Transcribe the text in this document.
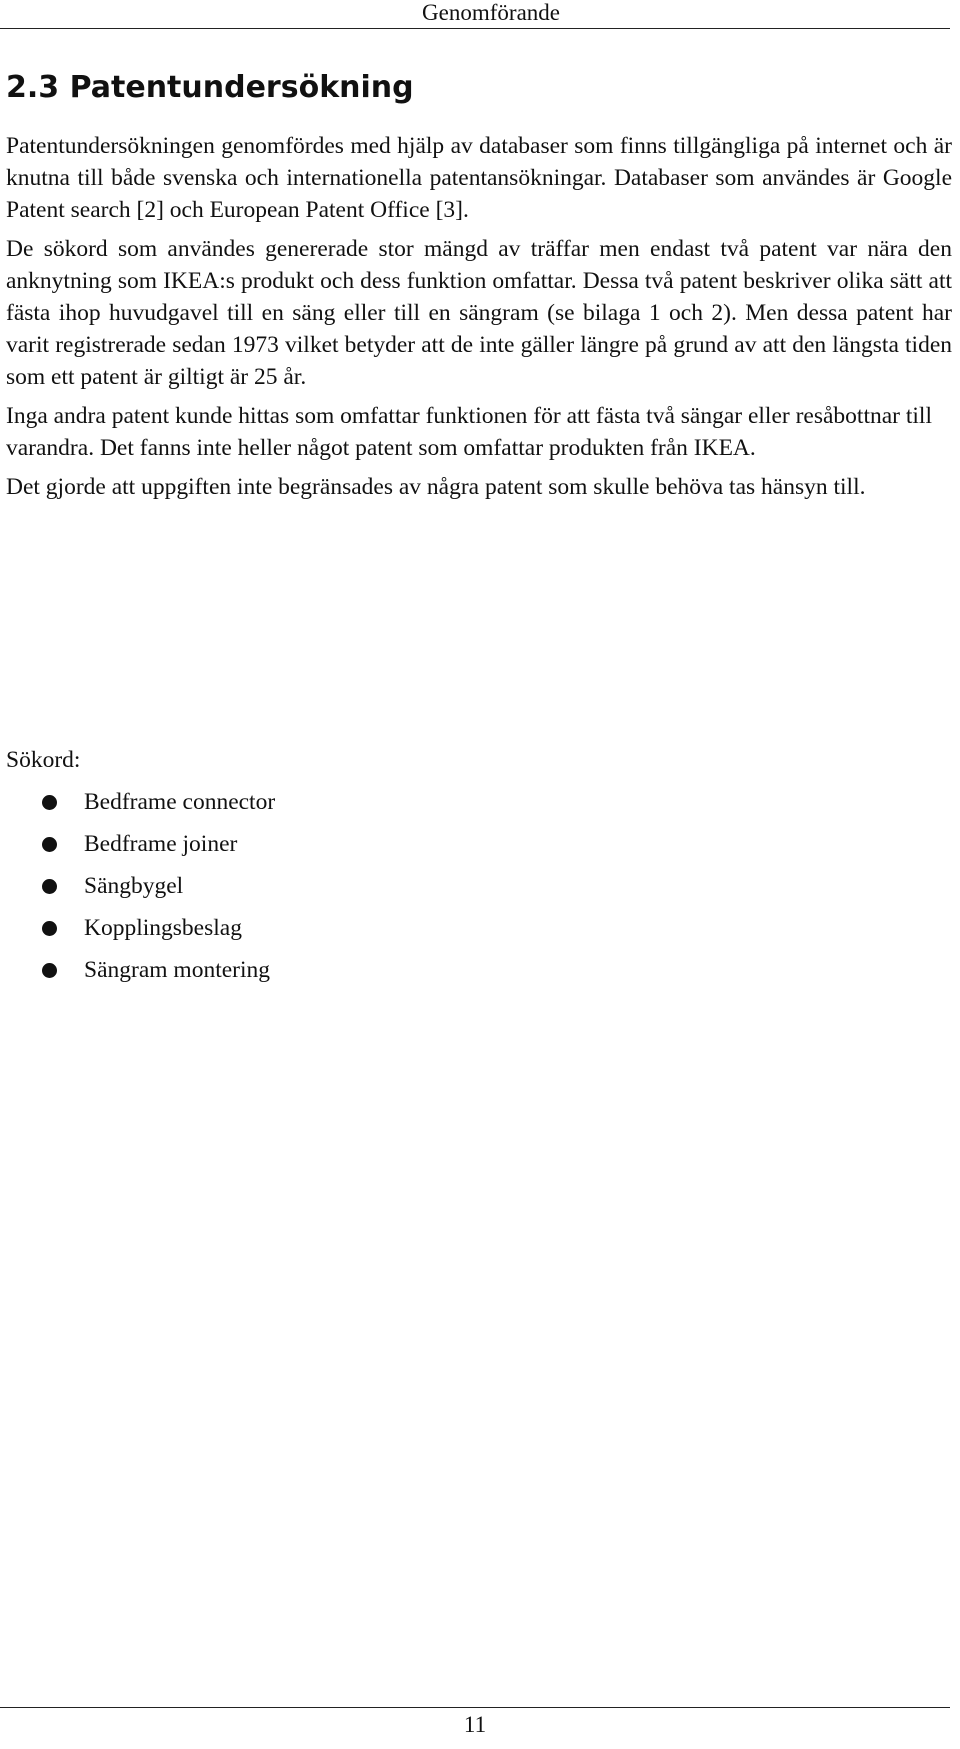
Genomförande
2.3 Patentundersökning

Patentundersökningen genomfördes med hjälp av databaser som finns tillgängliga på internet och är knutna till både svenska och internationella patentansökningar. Databaser som användes är Google Patent search [2] och European Patent Office [3].

De sökord som användes genererade stor mängd av träffar men endast två patent var nära den anknytning som IKEA:s produkt och dess funktion omfattar. Dessa två patent beskriver olika sätt att fästa ihop huvudgavel till en säng eller till en sängram (se bilaga 1 och 2). Men dessa patent har varit registrerade sedan 1973 vilket betyder att de inte gäller längre på grund av att den längsta tiden som ett patent är giltigt är 25 år.

Inga andra patent kunde hittas som omfattar funktionen för att fästa två sängar eller resåbottnar till varandra. Det fanns inte heller något patent som omfattar produkten från IKEA.

Det gjorde att uppgiften inte begränsades av några patent som skulle behöva tas hänsyn till.

Sökord:
Bedframe connector
Bedframe joiner
Sängbygel
Kopplingsbeslag
Sängram montering
11
